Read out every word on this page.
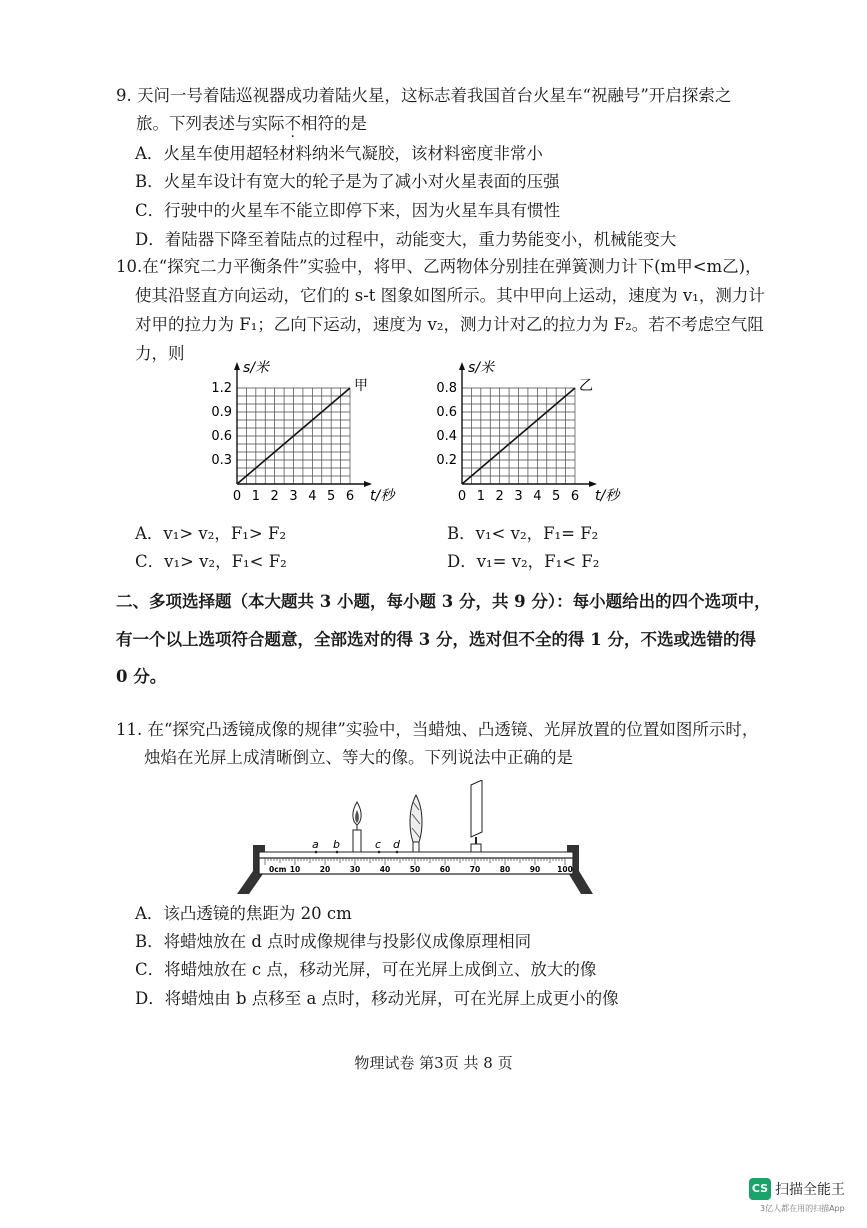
9. 天问一号着陆巡视器成功着陆火星，这标志着我国首台火星车“祝融号”开启探索之
旅。下列表述与实际不相符的是
A．火星车使用超轻材料纳米气凝胶，该材料密度非常小
B．火星车设计有宽大的轮子是为了减小对火星表面的压强
C．行驶中的火星车不能立即停下来，因为火星车具有惯性
D．着陆器下降至着陆点的过程中，动能变大，重力势能变小，机械能变大
10.在“探究二力平衡条件”实验中，将甲、乙两物体分别挂在弹簧测力计下(m甲<m乙)，
使其沿竖直方向运动，它们的 s-t 图象如图所示。其中甲向上运动，速度为 v₁，测力计
对甲的拉力为 F₁；乙向下运动，速度为 v₂，测力计对乙的拉力为 F₂。若不考虑空气阻
力，则
0 1 2 3 4 5 6
0.3
0.6
0.9
1.2
s/米
t/秒
甲
0 1 2 3 4 5 6
0.2
0.4
0.6
0.8
s/米
t/秒
乙
A．v₁> v₂，F₁> F₂	B．v₁< v₂，F₁= F₂
C．v₁> v₂，F₁< F₂	D．v₁= v₂，F₁< F₂
二、多项选择题（本大题共 3 小题，每小题 3 分，共 9 分）：每小题给出的四个选项中，
有一个以上选项符合题意，全部选对的得 3 分，选对但不全的得 1 分，不选或选错的得
0 分。
11. 在“探究凸透镜成像的规律”实验中，当蜡烛、凸透镜、光屏放置的位置如图所示时，
烛焰在光屏上成清晰倒立、等大的像。下列说法中正确的是
0cm 10	20	30	40	50	60	70	80	90 100
a b	c d
A．该凸透镜的焦距为 20 cm
B．将蜡烛放在 d 点时成像规律与投影仪成像原理相同
C．将蜡烛放在 c 点，移动光屏，可在光屏上成倒立、放大的像
D．将蜡烛由 b 点移至 a 点时，移动光屏，可在光屏上成更小的像
物理试卷 第3页 共 8 页
CS 扫描全能王
3亿人都在用的扫描App
